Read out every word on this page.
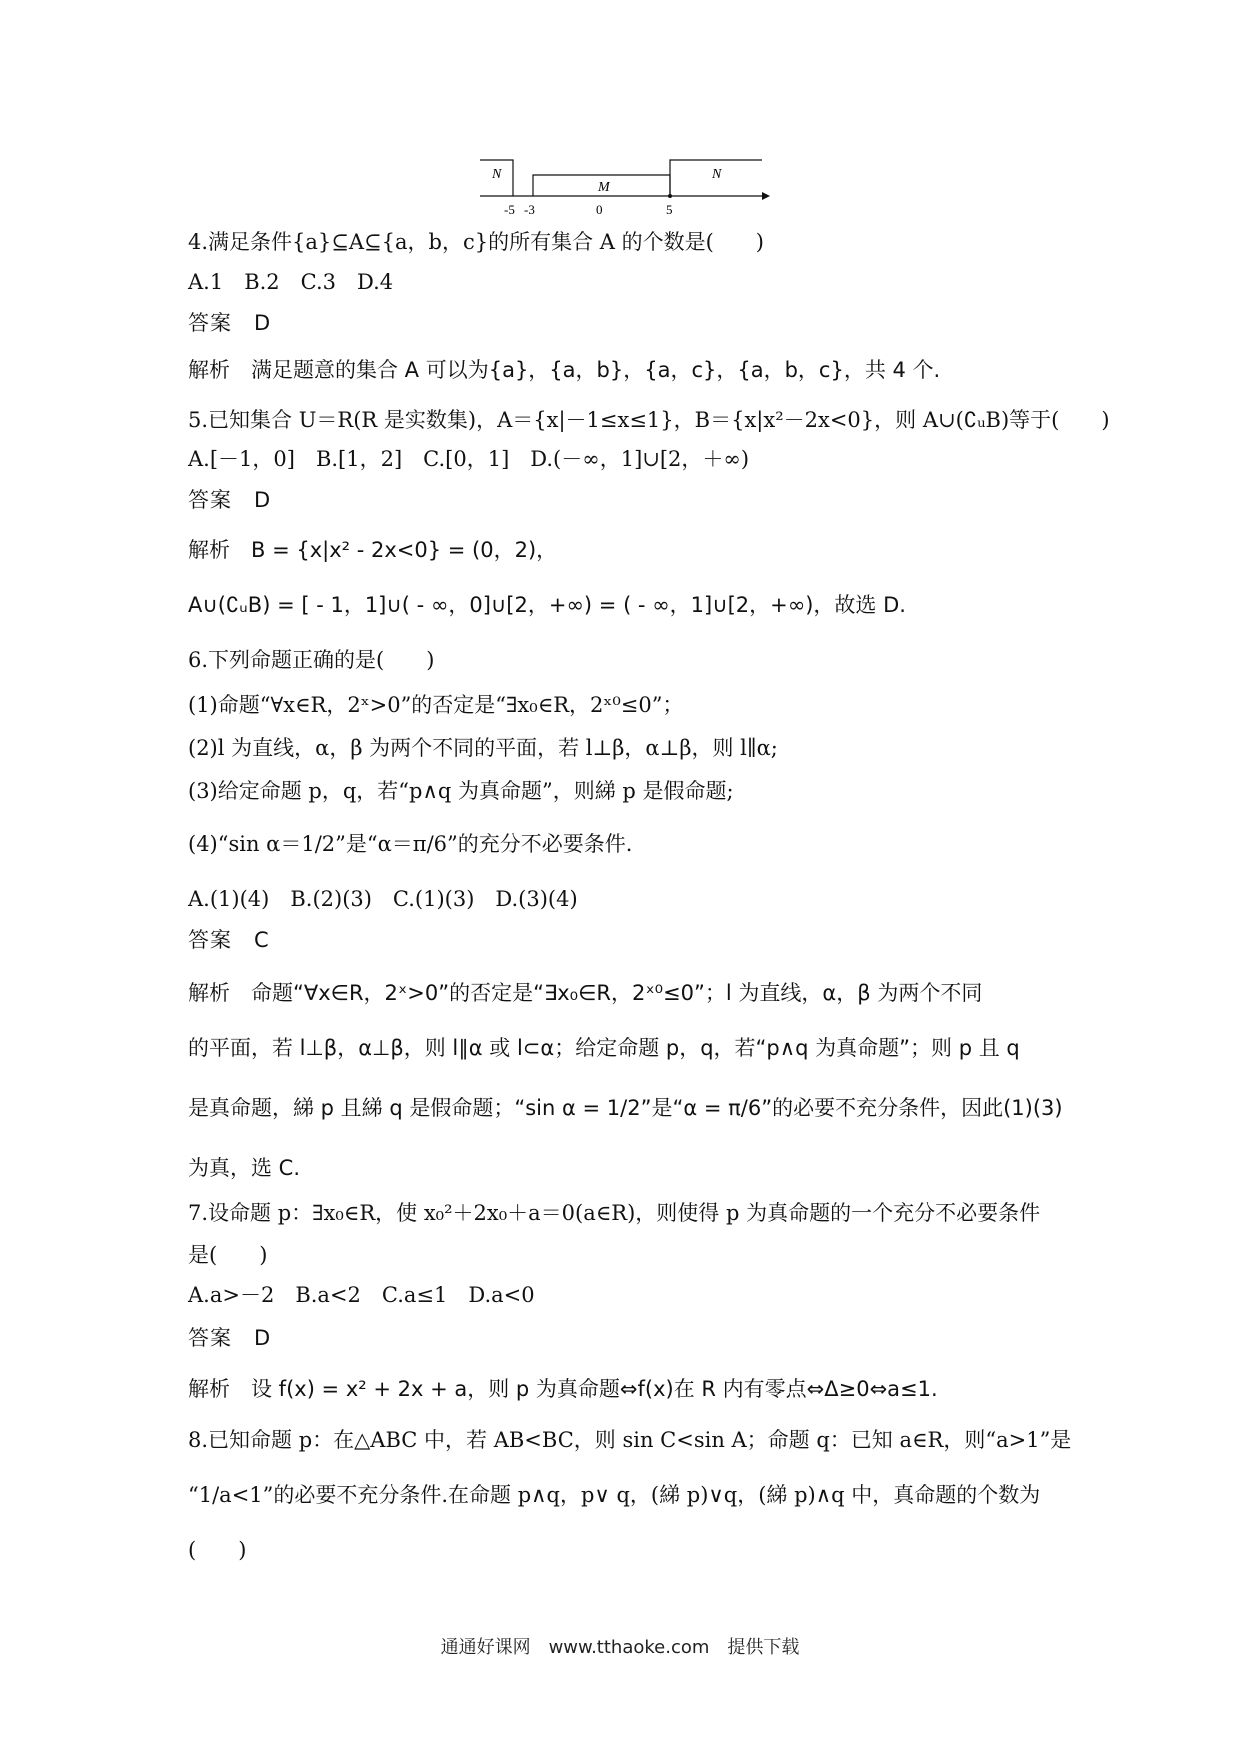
N
M
N
-5 -3	0	5
4.满足条件{a}⊆A⊆{a，b，c}的所有集合 A 的个数是(　　)
A.1　B.2　C.3　D.4
答案　D
解析　满足题意的集合 A 可以为{a}，{a，b}，{a，c}，{a，b，c}，共 4 个.
5.已知集合 U＝R(R 是实数集)，A＝{x|－1≤x≤1}，B＝{x|x²－2x<0}，则 A∪(∁ᵤB)等于(　　)
A.[－1，0]　B.[1，2]　C.[0，1]　D.(－∞，1]∪[2，＋∞)
答案　D
解析　B = {x|x² - 2x<0} = (0，2)，
A∪(∁ᵤB) = [ - 1，1]∪( - ∞，0]∪[2，+∞) = ( - ∞，1]∪[2，+∞)，故选 D.
6.下列命题正确的是(　　)
(1)命题“∀x∈R，2ˣ>0”的否定是“∃x₀∈R，2ˣ⁰≤0”；
(2)l 为直线，α，β 为两个不同的平面，若 l⊥β，α⊥β，则 l∥α;
(3)给定命题 p，q，若“p∧q 为真命题”，则綈 p 是假命题;
(4)“sin α＝1/2”是“α＝π/6”的充分不必要条件.
A.(1)(4)　B.(2)(3)　C.(1)(3)　D.(3)(4)
答案　C
解析　命题“∀x∈R，2ˣ>0”的否定是“∃x₀∈R，2ˣ⁰≤0”；l 为直线，α，β 为两个不同
的平面，若 l⊥β，α⊥β，则 l∥α 或 l⊂α；给定命题 p，q，若“p∧q 为真命题”；则 p 且 q
是真命题，綈 p 且綈 q 是假命题；“sin α = 1/2”是“α = π/6”的必要不充分条件，因此(1)(3)
为真，选 C.
7.设命题 p：∃x₀∈R，使 x₀²＋2x₀＋a＝0(a∈R)，则使得 p 为真命题的一个充分不必要条件
是(　　)
A.a>－2　B.a<2　C.a≤1　D.a<0
答案　D
解析　设 f(x) = x² + 2x + a，则 p 为真命题⇔f(x)在 R 内有零点⇔Δ≥0⇔a≤1.
8.已知命题 p：在△ABC 中，若 AB<BC，则 sin C<sin A；命题 q：已知 a∈R，则“a>1”是
“1/a<1”的必要不充分条件.在命题 p∧q，p∨ q，(綈 p)∨q，(綈 p)∧q 中，真命题的个数为
(　　)
通通好课网　www.tthaoke.com　提供下载
